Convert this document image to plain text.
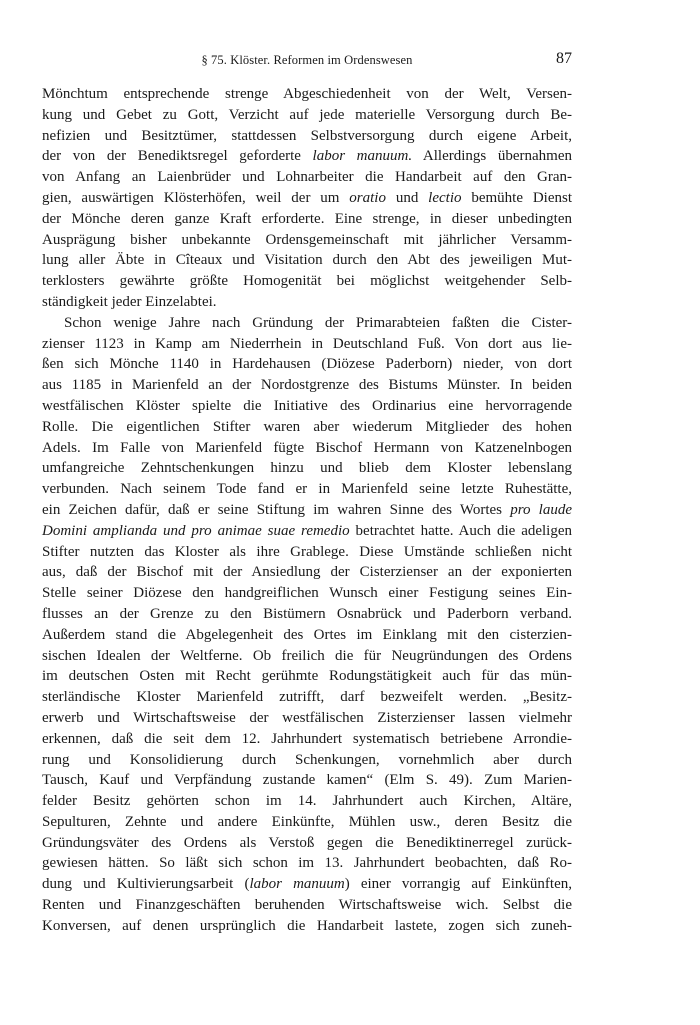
§ 75. Klöster. Reformen im Ordenswesen	87
Mönchtum entsprechende strenge Abgeschiedenheit von der Welt, Versen-
kung und Gebet zu Gott, Verzicht auf jede materielle Versorgung durch Be-
nefizien und Besitztümer, stattdessen Selbstversorgung durch eigene Arbeit,
der von der Benediktsregel geforderte labor manuum. Allerdings übernahmen
von Anfang an Laienbrüder und Lohnarbeiter die Handarbeit auf den Gran-
gien, auswärtigen Klösterhöfen, weil der um oratio und lectio bemühte Dienst
der Mönche deren ganze Kraft erforderte. Eine strenge, in dieser unbedingten
Ausprägung bisher unbekannte Ordensgemeinschaft mit jährlicher Versamm-
lung aller Äbte in Cîteaux und Visitation durch den Abt des jeweiligen Mut-
terklosters gewährte größte Homogenität bei möglichst weitgehender Selb-
ständigkeit jeder Einzelabtei.
Schon wenige Jahre nach Gründung der Primarabteien faßten die Cister-
zienser 1123 in Kamp am Niederrhein in Deutschland Fuß. Von dort aus lie-
ßen sich Mönche 1140 in Hardehausen (Diözese Paderborn) nieder, von dort
aus 1185 in Marienfeld an der Nordostgrenze des Bistums Münster. In beiden
westfälischen Klöster spielte die Initiative des Ordinarius eine hervorragende
Rolle. Die eigentlichen Stifter waren aber wiederum Mitglieder des hohen
Adels. Im Falle von Marienfeld fügte Bischof Hermann von Katzenelnbogen
umfangreiche Zehntschenkungen hinzu und blieb dem Kloster lebenslang
verbunden. Nach seinem Tode fand er in Marienfeld seine letzte Ruhestätte,
ein Zeichen dafür, daß er seine Stiftung im wahren Sinne des Wortes pro laude
Domini amplianda und pro animae suae remedio betrachtet hatte. Auch die adeligen
Stifter nutzten das Kloster als ihre Grablege. Diese Umstände schließen nicht
aus, daß der Bischof mit der Ansiedlung der Cisterzienser an der exponierten
Stelle seiner Diözese den handgreiflichen Wunsch einer Festigung seines Ein-
flusses an der Grenze zu den Bistümern Osnabrück und Paderborn verband.
Außerdem stand die Abgelegenheit des Ortes im Einklang mit den cisterzien-
sischen Idealen der Weltferne. Ob freilich die für Neugründungen des Ordens
im deutschen Osten mit Recht gerühmte Rodungstätigkeit auch für das mün-
sterländische Kloster Marienfeld zutrifft, darf bezweifelt werden. „Besitz-
erwerb und Wirtschaftsweise der westfälischen Zisterzienser lassen vielmehr
erkennen, daß die seit dem 12. Jahrhundert systematisch betriebene Arrondie-
rung und Konsolidierung durch Schenkungen, vornehmlich aber durch
Tausch, Kauf und Verpfändung zustande kamen“ (Elm S. 49). Zum Marien-
felder Besitz gehörten schon im 14. Jahrhundert auch Kirchen, Altäre,
Sepulturen, Zehnte und andere Einkünfte, Mühlen usw., deren Besitz die
Gründungsväter des Ordens als Verstoß gegen die Benediktinerregel zurück-
gewiesen hätten. So läßt sich schon im 13. Jahrhundert beobachten, daß Ro-
dung und Kultivierungsarbeit (labor manuum) einer vorrangig auf Einkünften,
Renten und Finanzgeschäften beruhenden Wirtschaftsweise wich. Selbst die
Konversen, auf denen ursprünglich die Handarbeit lastete, zogen sich zuneh-
